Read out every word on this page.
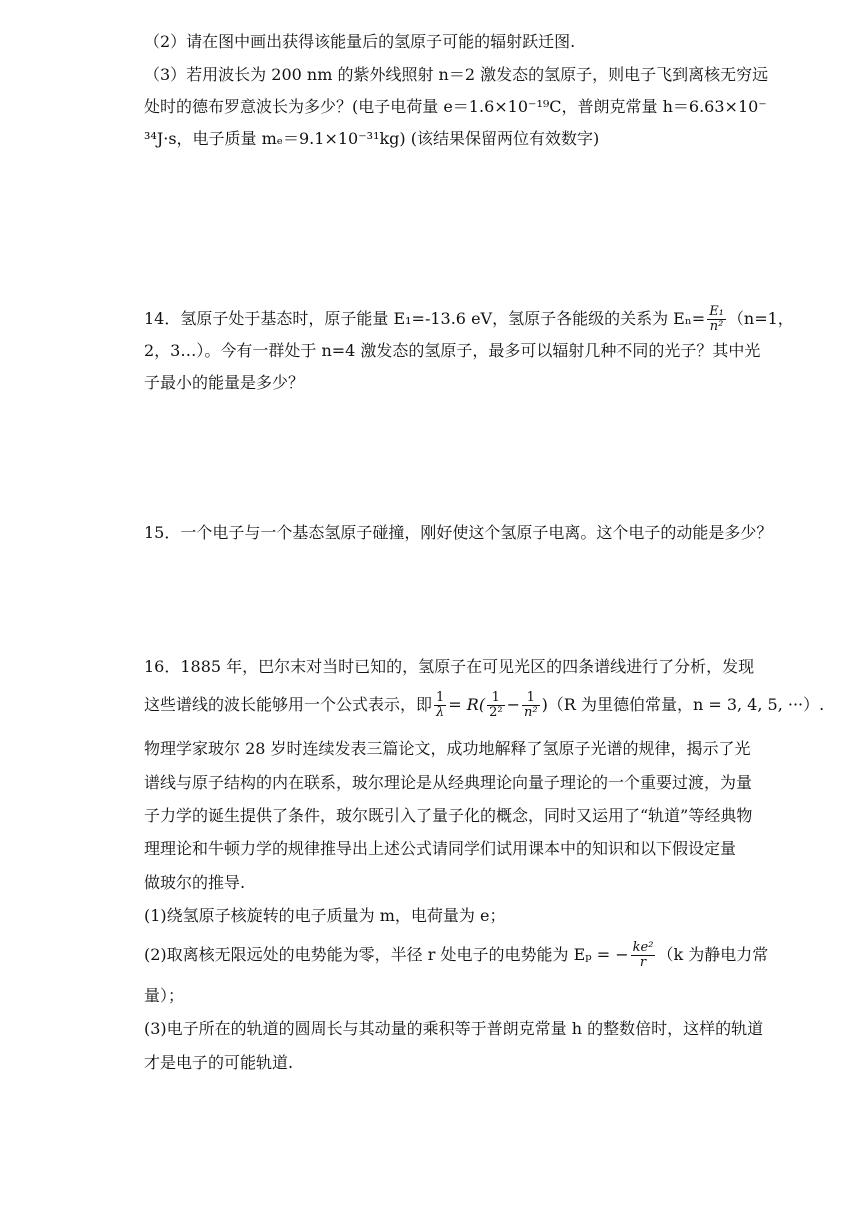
（2）请在图中画出获得该能量后的氢原子可能的辐射跃迁图.
（3）若用波长为 200 nm 的紫外线照射 n＝2 激发态的氢原子，则电子飞到离核无穷远
处时的德布罗意波长为多少？(电子电荷量 e＝1.6×10⁻¹⁹C，普朗克常量 h＝6.63×10⁻
³⁴J·s，电子质量 mₑ＝9.1×10⁻³¹kg) (该结果保留两位有效数字)
14．氢原子处于基态时，原子能量 E₁=-13.6 eV，氢原子各能级的关系为 $E_n= \frac{\text{E₁}}{\text{n²}} (n=1$，
2，3…）。今有一群处于 n=4 激发态的氢原子，最多可以辐射几种不同的光子？其中光
子最小的能量是多少？
15．一个电子与一个基态氢原子碰撞，刚好使这个氢原子电离。这个电子的动能是多少？
16．1885 年，巴尔末对当时已知的，氢原子在可见光区的四条谱线进行了分析，发现
这些谱线的波长能够用一个公式表示，即 $\frac{1}{\lambda} = R( \frac{1}{\text{2²}} - \frac{1}{\text{n²}} )(R$ 为里德伯常量，n = 3, 4, 5, ···）.
物理学家玻尔 28 岁时连续发表三篇论文，成功地解释了氢原子光谱的规律，揭示了光
谱线与原子结构的内在联系，玻尔理论是从经典理论向量子理论的一个重要过渡，为量
子力学的诞生提供了条件，玻尔既引入了量子化的概念，同时又运用了“轨道”等经典物
理理论和牛顿力学的规律推导出上述公式请同学们试用课本中的知识和以下假设定量
做玻尔的推导.
(1)绕氢原子核旋转的电子质量为 m，电荷量为 e；
(2)取离核无限远处的电势能为零，半径 r 处电子的电势能为 Eₚ = − $\frac{\text{ke²}}{r} (k$ 为静电力常
量）；
(3)电子所在的轨道的圆周长与其动量的乘积等于普朗克常量 h 的整数倍时，这样的轨道
才是电子的可能轨道.
